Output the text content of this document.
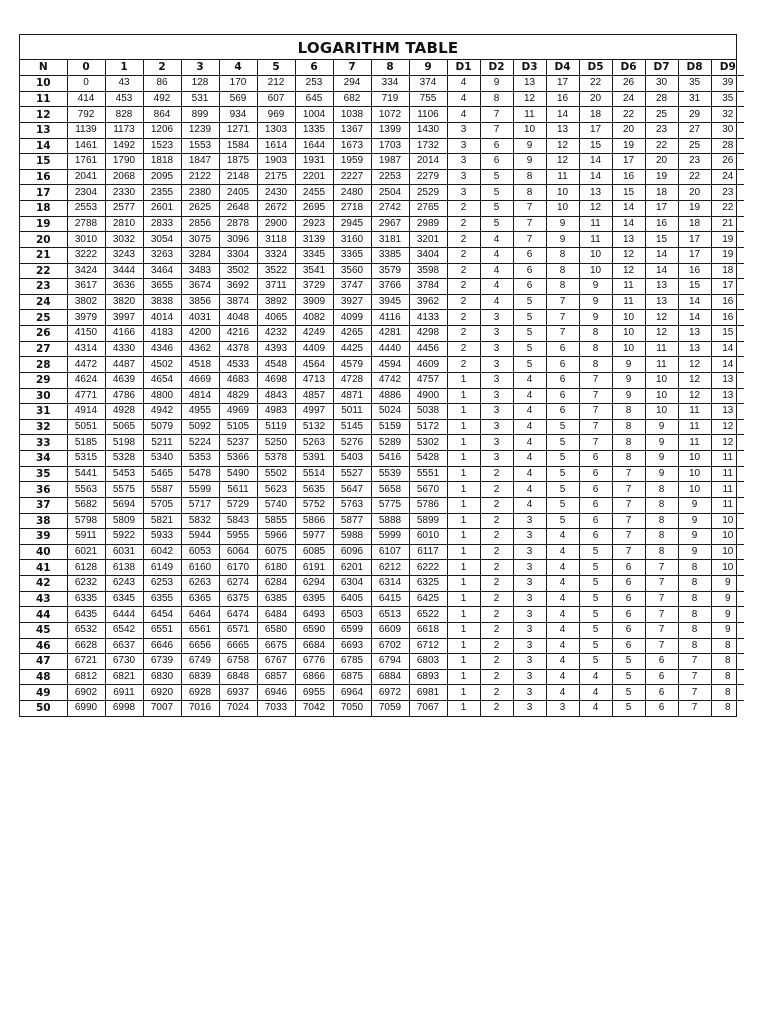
LOGARITHM TABLE
N	0	1	2	3	4	5	6	7	8	9	D1	D2	D3	D4	D5	D6	D7	D8	D9
10	0	43	86	128	170	212	253	294	334	374	4	9	13	17	22	26	30	35	39
11	414	453	492	531	569	607	645	682	719	755	4	8	12	16	20	24	28	31	35
12	792	828	864	899	934	969	1004	1038	1072	1106	4	7	11	14	18	22	25	29	32
13	1139	1173	1206	1239	1271	1303	1335	1367	1399	1430	3	7	10	13	17	20	23	27	30
14	1461	1492	1523	1553	1584	1614	1644	1673	1703	1732	3	6	9	12	15	19	22	25	28
15	1761	1790	1818	1847	1875	1903	1931	1959	1987	2014	3	6	9	12	14	17	20	23	26
16	2041	2068	2095	2122	2148	2175	2201	2227	2253	2279	3	5	8	11	14	16	19	22	24
17	2304	2330	2355	2380	2405	2430	2455	2480	2504	2529	3	5	8	10	13	15	18	20	23
18	2553	2577	2601	2625	2648	2672	2695	2718	2742	2765	2	5	7	10	12	14	17	19	22
19	2788	2810	2833	2856	2878	2900	2923	2945	2967	2989	2	5	7	9	11	14	16	18	21
20	3010	3032	3054	3075	3096	3118	3139	3160	3181	3201	2	4	7	9	11	13	15	17	19
21	3222	3243	3263	3284	3304	3324	3345	3365	3385	3404	2	4	6	8	10	12	14	17	19
22	3424	3444	3464	3483	3502	3522	3541	3560	3579	3598	2	4	6	8	10	12	14	16	18
23	3617	3636	3655	3674	3692	3711	3729	3747	3766	3784	2	4	6	8	9	11	13	15	17
24	3802	3820	3838	3856	3874	3892	3909	3927	3945	3962	2	4	5	7	9	11	13	14	16
25	3979	3997	4014	4031	4048	4065	4082	4099	4116	4133	2	3	5	7	9	10	12	14	16
26	4150	4166	4183	4200	4216	4232	4249	4265	4281	4298	2	3	5	7	8	10	12	13	15
27	4314	4330	4346	4362	4378	4393	4409	4425	4440	4456	2	3	5	6	8	10	11	13	14
28	4472	4487	4502	4518	4533	4548	4564	4579	4594	4609	2	3	5	6	8	9	11	12	14
29	4624	4639	4654	4669	4683	4698	4713	4728	4742	4757	1	3	4	6	7	9	10	12	13
30	4771	4786	4800	4814	4829	4843	4857	4871	4886	4900	1	3	4	6	7	9	10	12	13
31	4914	4928	4942	4955	4969	4983	4997	5011	5024	5038	1	3	4	6	7	8	10	11	13
32	5051	5065	5079	5092	5105	5119	5132	5145	5159	5172	1	3	4	5	7	8	9	11	12
33	5185	5198	5211	5224	5237	5250	5263	5276	5289	5302	1	3	4	5	7	8	9	11	12
34	5315	5328	5340	5353	5366	5378	5391	5403	5416	5428	1	3	4	5	6	8	9	10	11
35	5441	5453	5465	5478	5490	5502	5514	5527	5539	5551	1	2	4	5	6	7	9	10	11
36	5563	5575	5587	5599	5611	5623	5635	5647	5658	5670	1	2	4	5	6	7	8	10	11
37	5682	5694	5705	5717	5729	5740	5752	5763	5775	5786	1	2	4	5	6	7	8	9	11
38	5798	5809	5821	5832	5843	5855	5866	5877	5888	5899	1	2	3	5	6	7	8	9	10
39	5911	5922	5933	5944	5955	5966	5977	5988	5999	6010	1	2	3	4	6	7	8	9	10
40	6021	6031	6042	6053	6064	6075	6085	6096	6107	6117	1	2	3	4	5	7	8	9	10
41	6128	6138	6149	6160	6170	6180	6191	6201	6212	6222	1	2	3	4	5	6	7	8	10
42	6232	6243	6253	6263	6274	6284	6294	6304	6314	6325	1	2	3	4	5	6	7	8	9
43	6335	6345	6355	6365	6375	6385	6395	6405	6415	6425	1	2	3	4	5	6	7	8	9
44	6435	6444	6454	6464	6474	6484	6493	6503	6513	6522	1	2	3	4	5	6	7	8	9
45	6532	6542	6551	6561	6571	6580	6590	6599	6609	6618	1	2	3	4	5	6	7	8	9
46	6628	6637	6646	6656	6665	6675	6684	6693	6702	6712	1	2	3	4	5	6	7	8	8
47	6721	6730	6739	6749	6758	6767	6776	6785	6794	6803	1	2	3	4	5	5	6	7	8
48	6812	6821	6830	6839	6848	6857	6866	6875	6884	6893	1	2	3	4	4	5	6	7	8
49	6902	6911	6920	6928	6937	6946	6955	6964	6972	6981	1	2	3	4	4	5	6	7	8
50	6990	6998	7007	7016	7024	7033	7042	7050	7059	7067	1	2	3	3	4	5	6	7	8
